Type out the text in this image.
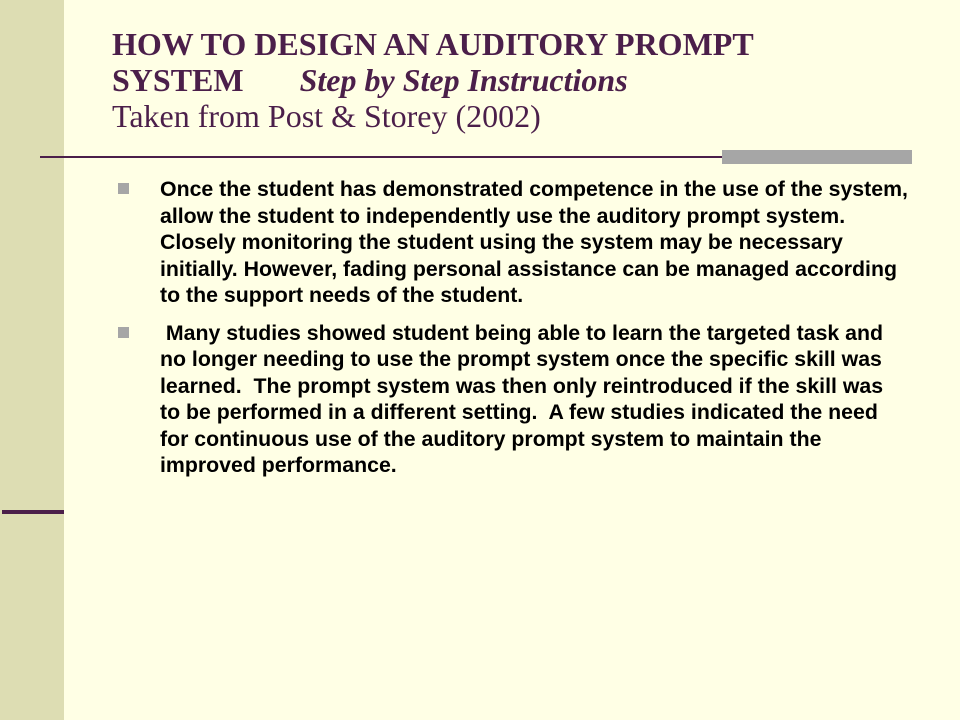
HOW TO DESIGN AN AUDITORY PROMPT SYSTEM Step by Step Instructions
Taken from Post & Storey (2002)
Once the student has demonstrated competence in the use of the system, allow the student to independently use the auditory prompt system. Closely monitoring the student using the system may be necessary initially. However, fading personal assistance can be managed according to the support needs of the student.
Many studies showed student being able to learn the targeted task and no longer needing to use the prompt system once the specific skill was learned.  The prompt system was then only reintroduced if the skill was to be performed in a different setting.  A few studies indicated the need for continuous use of the auditory prompt system to maintain the improved performance.
